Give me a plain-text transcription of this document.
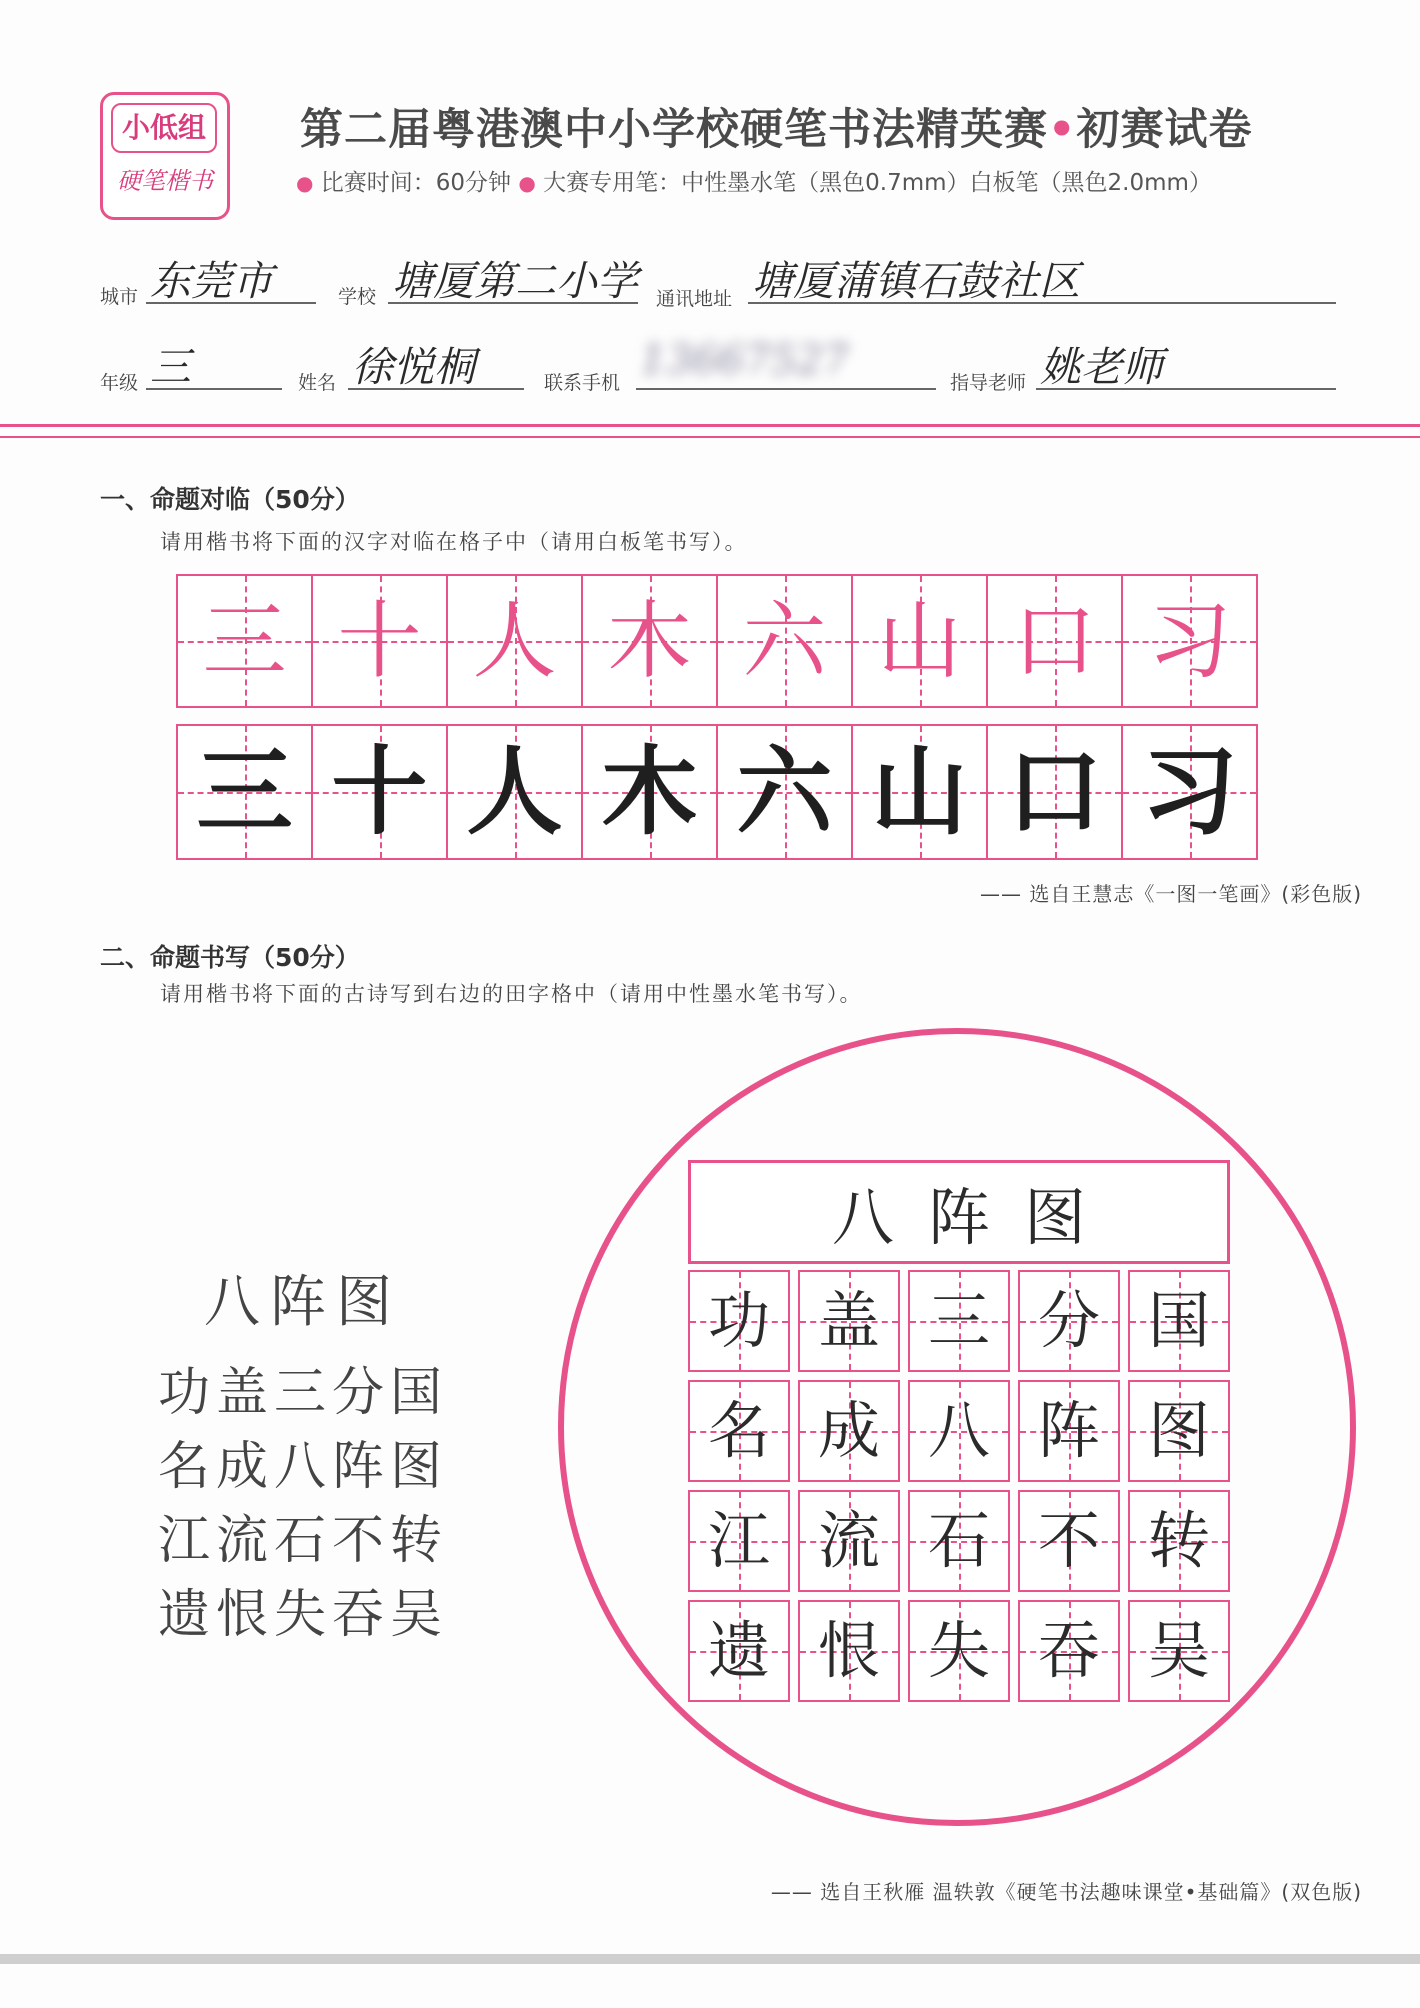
小低组
硬笔楷书
第二届粤港澳中小学校硬笔书法精英赛•初赛试卷
● 比赛时间：60分钟 ● 大赛专用笔：中性墨水笔（黑色0.7mm）白板笔（黑色2.0mm）
城市 东莞市	学校 塘厦第二小学 通讯地址 塘厦蒲镇石鼓社区
年级 三	姓名 徐悦桐	联系手机 13667527	指导老师 姚老师
一、命题对临（50分）
请用楷书将下面的汉字对临在格子中（请用白板笔书写）。
三 十 人 木 六 山 口 习
三 十 人 木 六 山 口 习
—— 选自王慧志《一图一笔画》(彩色版)
二、命题书写（50分）
请用楷书将下面的古诗写到右边的田字格中（请用中性墨水笔书写）。
八阵图
功盖三分国
名成八阵图
江流石不转
遗恨失吞吴
八阵图
功 盖 三 分 国
名 成 八 阵 图
江 流 石 不 转
遗 恨 失 吞 吴
—— 选自王秋雁 温轶敦《硬笔书法趣味课堂•基础篇》(双色版)
